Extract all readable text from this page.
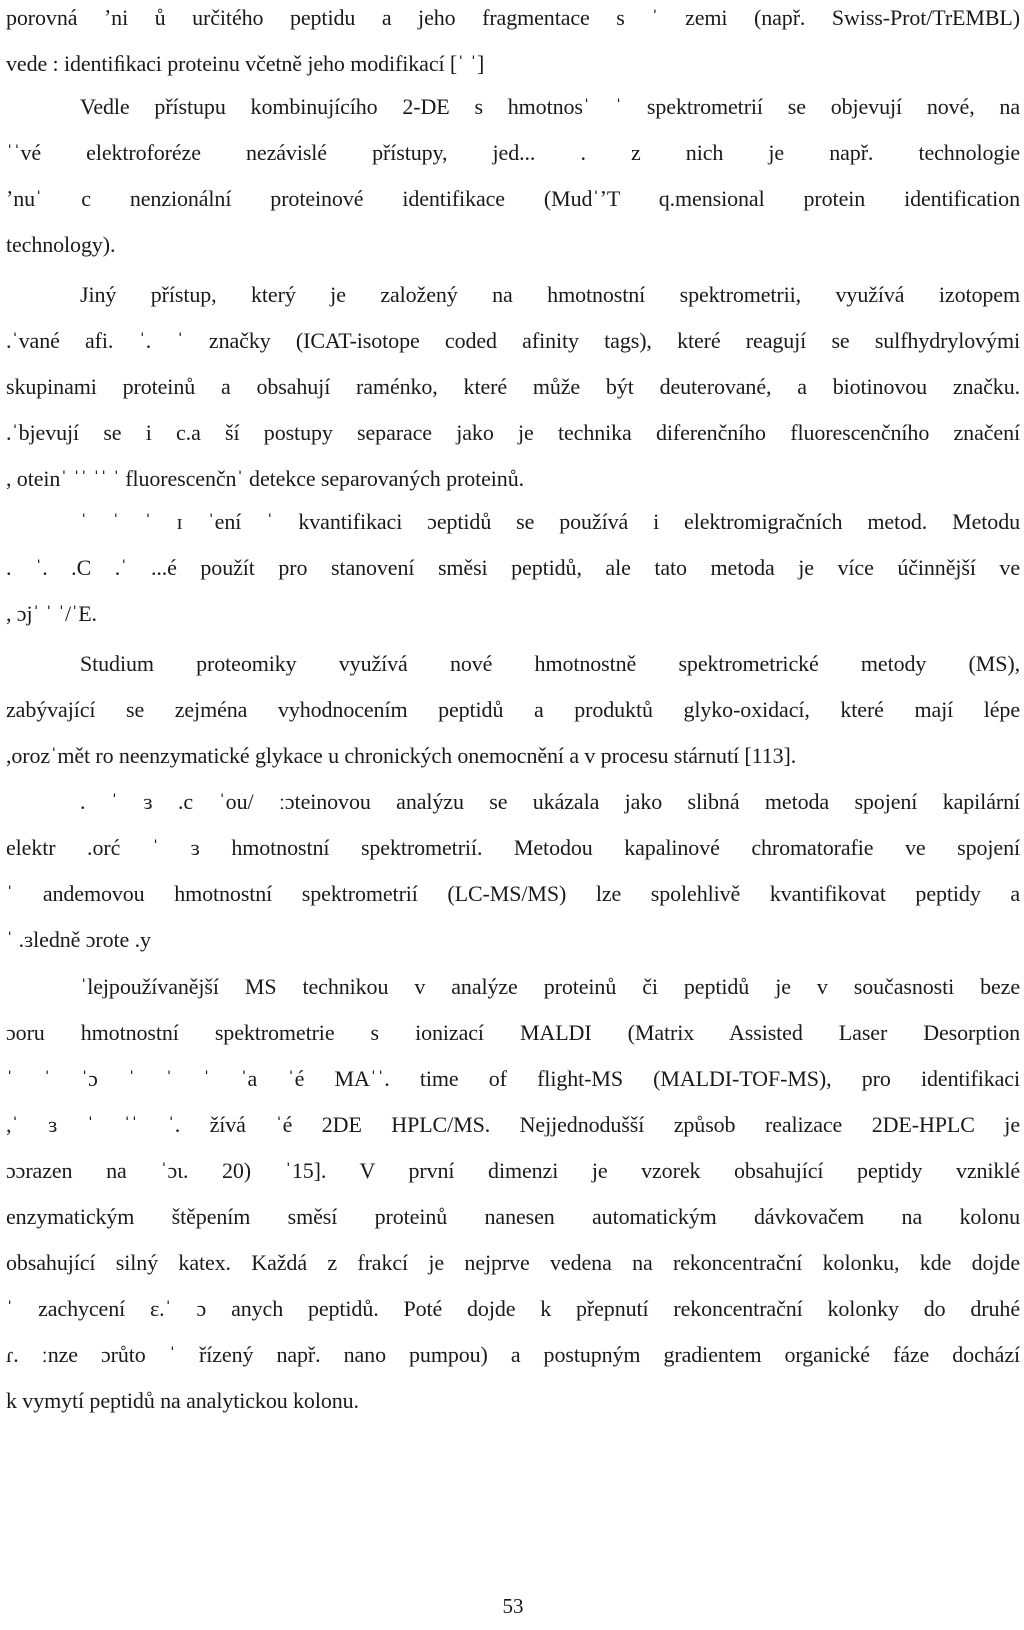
porovná ʼni ů určitého peptidu a jeho fragmentace s ˈ zemi (např. Swiss-Prot/TrEMBL)
vede : identiﬁkaci proteinu včetně jeho modifikací [ˈ ˈ]
Vedle přístupu kombinujícího 2-DE s hmotnosˈ ˈ spektrometrií se objevují nové, na
ˈˈvé elektroforéze nezávislé přístupy, jed... . z nich je např. technologie
ʼnuˈ c nenzionální proteinové identifikace (MudˈʼT q.mensional protein identification
technology).
Jiný přístup, který je založený na hmotnostní spektrometrii, využívá izotopem
.ˈvané afi. ˈ. ˈ značky (ICAT-isotope coded afinity tags), které reagují se sulfhydrylovými
skupinami proteinů a obsahují raménko, které může být deuterované, a biotinovou značku.
.ˈbjevují se i c.a ší postupy separace jako je technika diferenčního fluorescenčního značení
, oteinˈ ˈˈ ˈˈ ˈ fluorescenčnˈ detekce separovaných proteinů.
ˈ ˈ ˈ ɪ ˈení ˈ kvantifikaci ɔeptidů se používá i elektromigračních metod. Metodu
. ˈ. .C .ˈ ...é použít pro stanovení směsi peptidů, ale tato metoda je více účinnější ve
, ɔjˈ ˈ ˈ/ˈE.
Studium proteomiky využívá nové hmotnostně spektrometrické metody (MS),
zabývající se zejména vyhodnocením peptidů a produktů glyko-oxidací, které mají lépe
,orozˈmět ro neenzymatické glykace u chronických onemocnění a v procesu stárnutí [113].
. ˈ ɜ .c ˈou/ ːɔteinovou analýzu se ukázala jako slibná metoda spojení kapilární
elektr .orć ˈ ɜ hmotnostní spektrometrií. Metodou kapalinové chromatorafie ve spojení
ˈ andemovou hmotnostní spektrometrií (LC-MS/MS) lze spolehlivě kvantifikovat peptidy a
ˈ .ɜledně ɔrote .y
ˈlejpoužívanější MS technikou v analýze proteinů či peptidů je v současnosti beze
ɔoru hmotnostní spektrometrie s ionizací MALDI (Matrix Assisted Laser Desorption
ˈ ˈ ˈɔ ˈ ˈ ˈ ˈa ˈé MAˈˈ. time of flight-MS (MALDI-TOF-MS), pro identifikaci
,ˈ ɜ ˈ ˈˈ ˈ. žívá ˈé 2DE HPLC/MS. Nejjednodušší způsob realizace 2DE-HPLC je
ɔɔrazen na ˈɔɩ. 20) ˈ15]. V první dimenzi je vzorek obsahující peptidy vzniklé
enzymatickým štěpením směsí proteinů nanesen automatickým dávkovačem na kolonu
obsahující silný katex. Každá z frakcí je nejprve vedena na rekoncentrační kolonku, kde dojde
ˈ zachycení ɛ.ˈ ɔ anych peptidů. Poté dojde k přepnutí rekoncentrační kolonky do druhé
ɾ. ːnze ɔrůto ˈ řízený např. nano pumpou) a postupným gradientem organické fáze dochází
k vymytí peptidů na analytickou kolonu.
53
